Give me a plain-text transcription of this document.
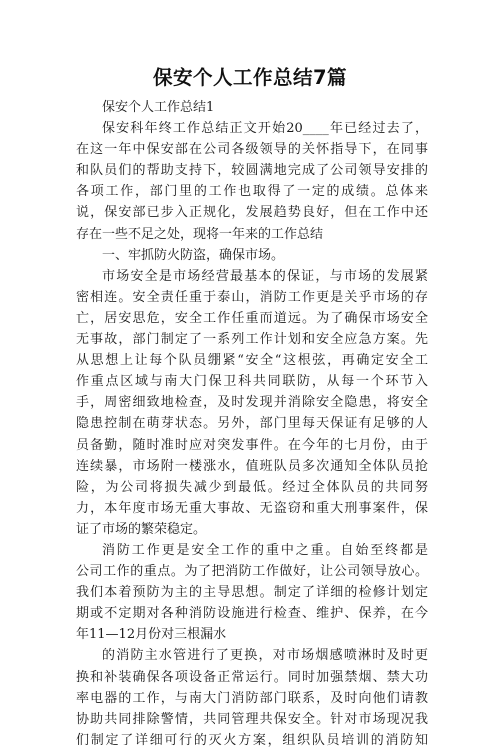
保安个人工作总结7篇
保安个人工作总结1
保安科年终工作总结正文开始20____年已经过去了，
在这一年中保安部在公司各级领导的关怀指导下，在同事
和队员们的帮助支持下，较圆满地完成了公司领导安排的
各项工作，部门里的工作也取得了一定的成绩。总体来
说，保安部已步入正规化，发展趋势良好，但在工作中还
存在一些不足之处，现将一年来的工作总结
一、牢抓防火防盗，确保市场。
市场安全是市场经营最基本的保证，与市场的发展紧
密相连。安全责任重于泰山，消防工作更是关乎市场的存
亡，居安思危，安全工作任重而道远。为了确保市场安全
无事故，部门制定了一系列工作计划和安全应急方案。先
从思想上让每个队员绷紧“安全“这根弦，再确定安全工
作重点区域与南大门保卫科共同联防，从每一个环节入
手，周密细致地检查，及时发现并消除安全隐患，将安全
隐患控制在萌芽状态。另外，部门里每天保证有足够的人
员备勤，随时准时应对突发事件。在今年的七月份，由于
连续暴，市场附一楼涨水，值班队员多次通知全体队员抢
险，为公司将损失减少到最低。经过全体队员的共同努
力，本年度市场无重大事故、无盗窃和重大刑事案件，保
证了市场的繁荣稳定。
消防工作更是安全工作的重中之重。自始至终都是
公司工作的重点。为了把消防工作做好，让公司领导放心。
我们本着预防为主的主导思想。制定了详细的检修计划定
期或不定期对各种消防设施进行检查、维护、保养，在今
年11—12月份对三根漏水
的消防主水管进行了更换，对市场烟感喷淋时及时更
换和补装确保各项设备正常运行。同时加强禁烟、禁大功
率电器的工作，与南大门消防部门联系，及时向他们请教
协助共同排除警情，共同管理共保安全。针对市场现况我
们制定了详细可行的灭火方案，组织队员培训的消防知
